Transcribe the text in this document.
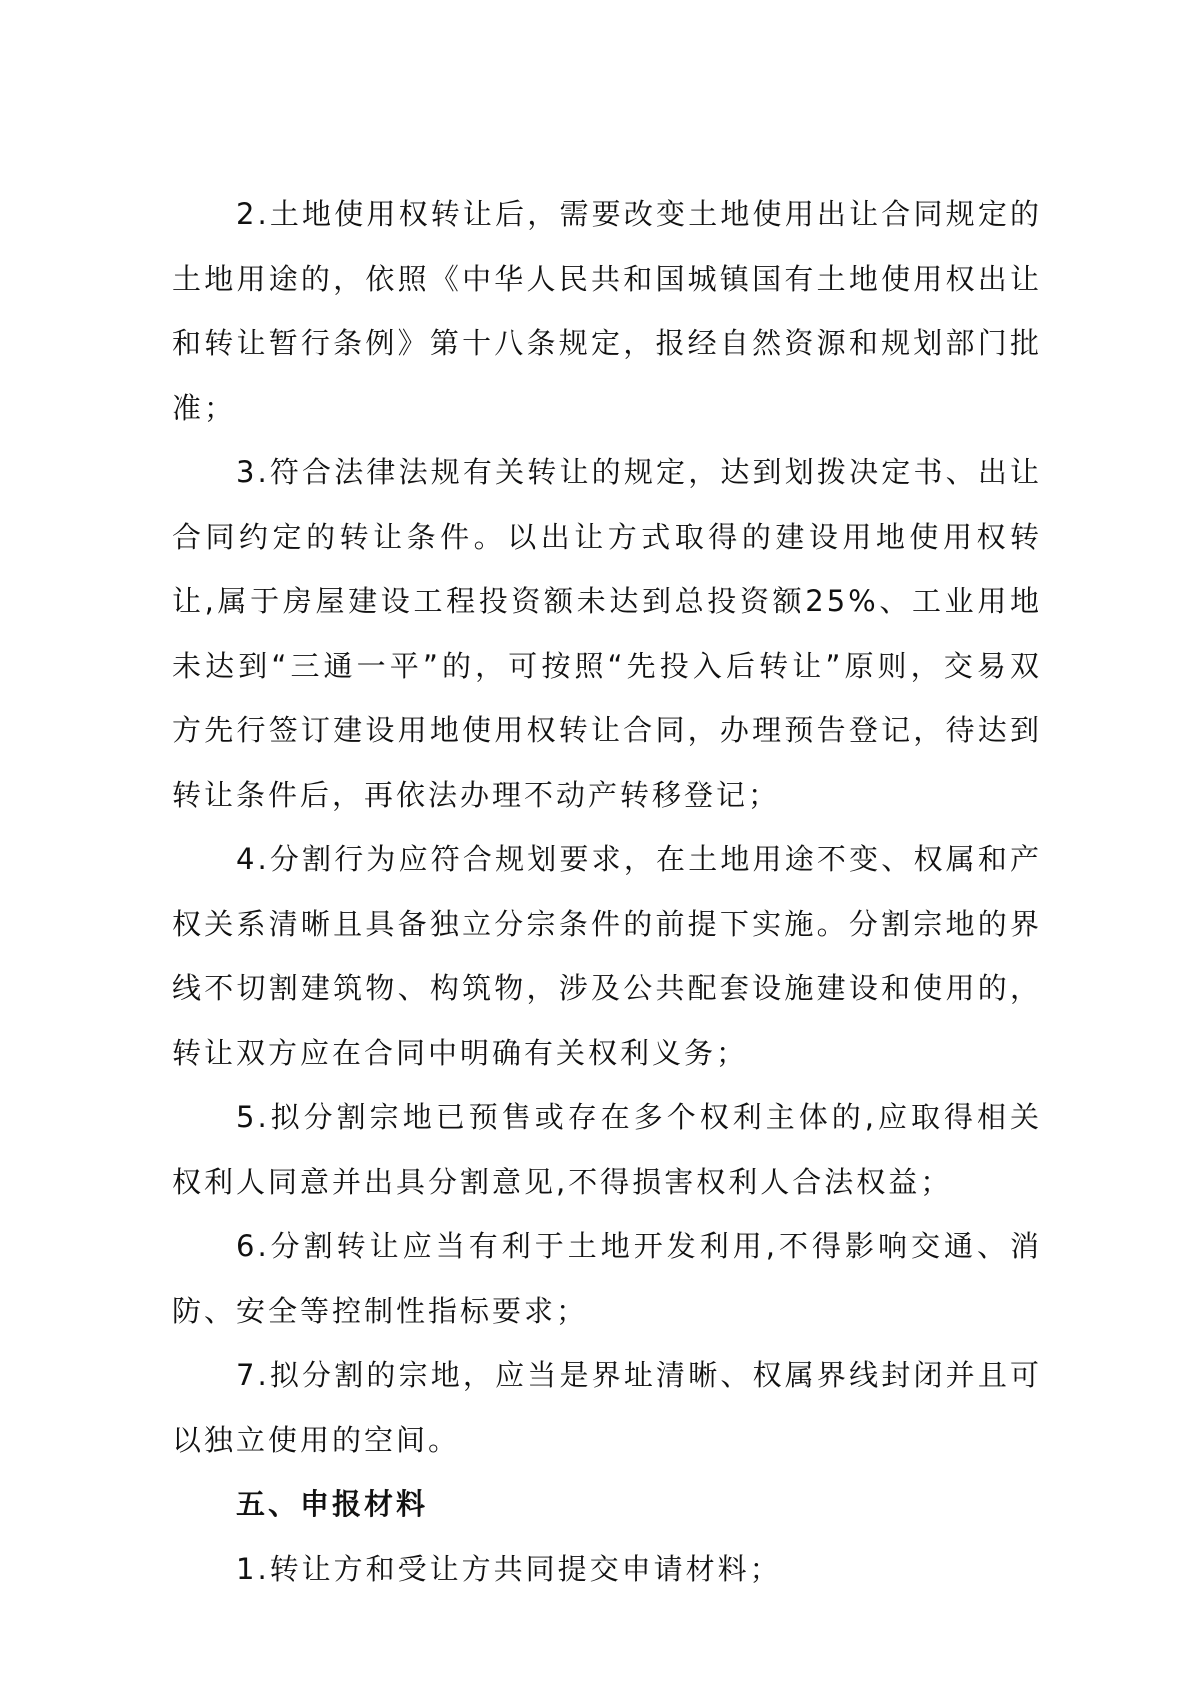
2.土地使用权转让后，需要改变土地使用出让合同规定的土地用途的，依照《中华人民共和国城镇国有土地使用权出让和转让暂行条例》第十八条规定，报经自然资源和规划部门批准；

3.符合法律法规有关转让的规定，达到划拨决定书、出让合同约定的转让条件。以出让方式取得的建设用地使用权转让,属于房屋建设工程投资额未达到总投资额25%、工业用地未达到“三通一平”的，可按照“先投入后转让”原则，交易双方先行签订建设用地使用权转让合同，办理预告登记，待达到转让条件后，再依法办理不动产转移登记；

4.分割行为应符合规划要求，在土地用途不变、权属和产权关系清晰且具备独立分宗条件的前提下实施。分割宗地的界线不切割建筑物、构筑物，涉及公共配套设施建设和使用的，转让双方应在合同中明确有关权利义务；

5.拟分割宗地已预售或存在多个权利主体的,应取得相关权利人同意并出具分割意见,不得损害权利人合法权益；

6.分割转让应当有利于土地开发利用,不得影响交通、消防、安全等控制性指标要求；

7.拟分割的宗地，应当是界址清晰、权属界线封闭并且可以独立使用的空间。

五、申报材料

1.转让方和受让方共同提交申请材料；
